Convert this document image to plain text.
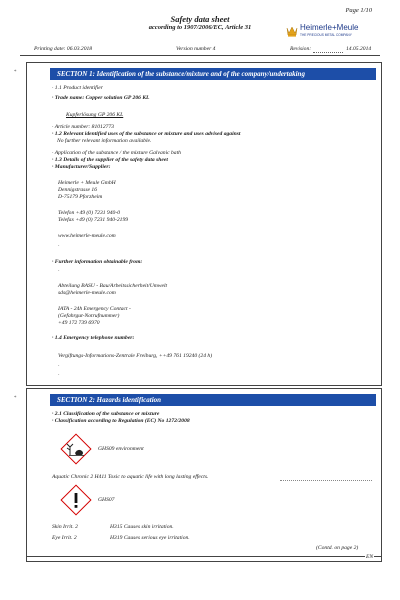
Page 1/10
Safety data sheet
according to 1907/2006/EC, Article 31	Heimerle+Meule
THE PRECIOUS METAL COMPANY
Printing date: 06.03.2018	Version number 4	Revision:	14.05.2014
*	SECTION 1: Identification of the substance/mixture and of the company/undertaking
· 1.1 Product identifier
· Trade name: Copper solution GP 206 KL
Kupferlösung GP 206 KL
· Article number: 81012773
· 1.2 Relevant identified uses of the substance or mixture and uses advised against
No further relevant information available.
· Application of the substance / the mixture Galvanic bath
· 1.3 Details of the supplier of the safety data sheet
· Manufacturer/Supplier:
Heimerle + Meule GmbH
Dennigstrasse 16
D-75179 Pforzheim
Telefon +49 (0) 7231 940-0
Telefax +49 (0) 7231 940-2199
www.heimerle-meule.com
·
· Further information obtainable from:
·
Abteilung BASU - Bau/Arbeitssicherheit/Umwelt
sds@heimerle-meule.com
IATA - 24h Emergency Contact -
(Gefahrgut-Notrufnummer)
+49 172 739 6970
· 1.4 Emergency telephone number:
Vergiftungs-Informations-Zentrale Freiburg, ++49 761 19240 (24 h)
·
·
*	SECTION 2: Hazards identification
· 2.1 Classification of the substance or mixture
· Classification according to Regulation (EC) No 1272/2008
GHS09 environment
Aquatic Chronic 2 H411 Toxic to aquatic life with long lasting effects.
GHS07
Skin Irrit. 2	H315 Causes skin irritation.
Eye Irrit. 2	H319 Causes serious eye irritation.
(Contd. on page 2)
EN
